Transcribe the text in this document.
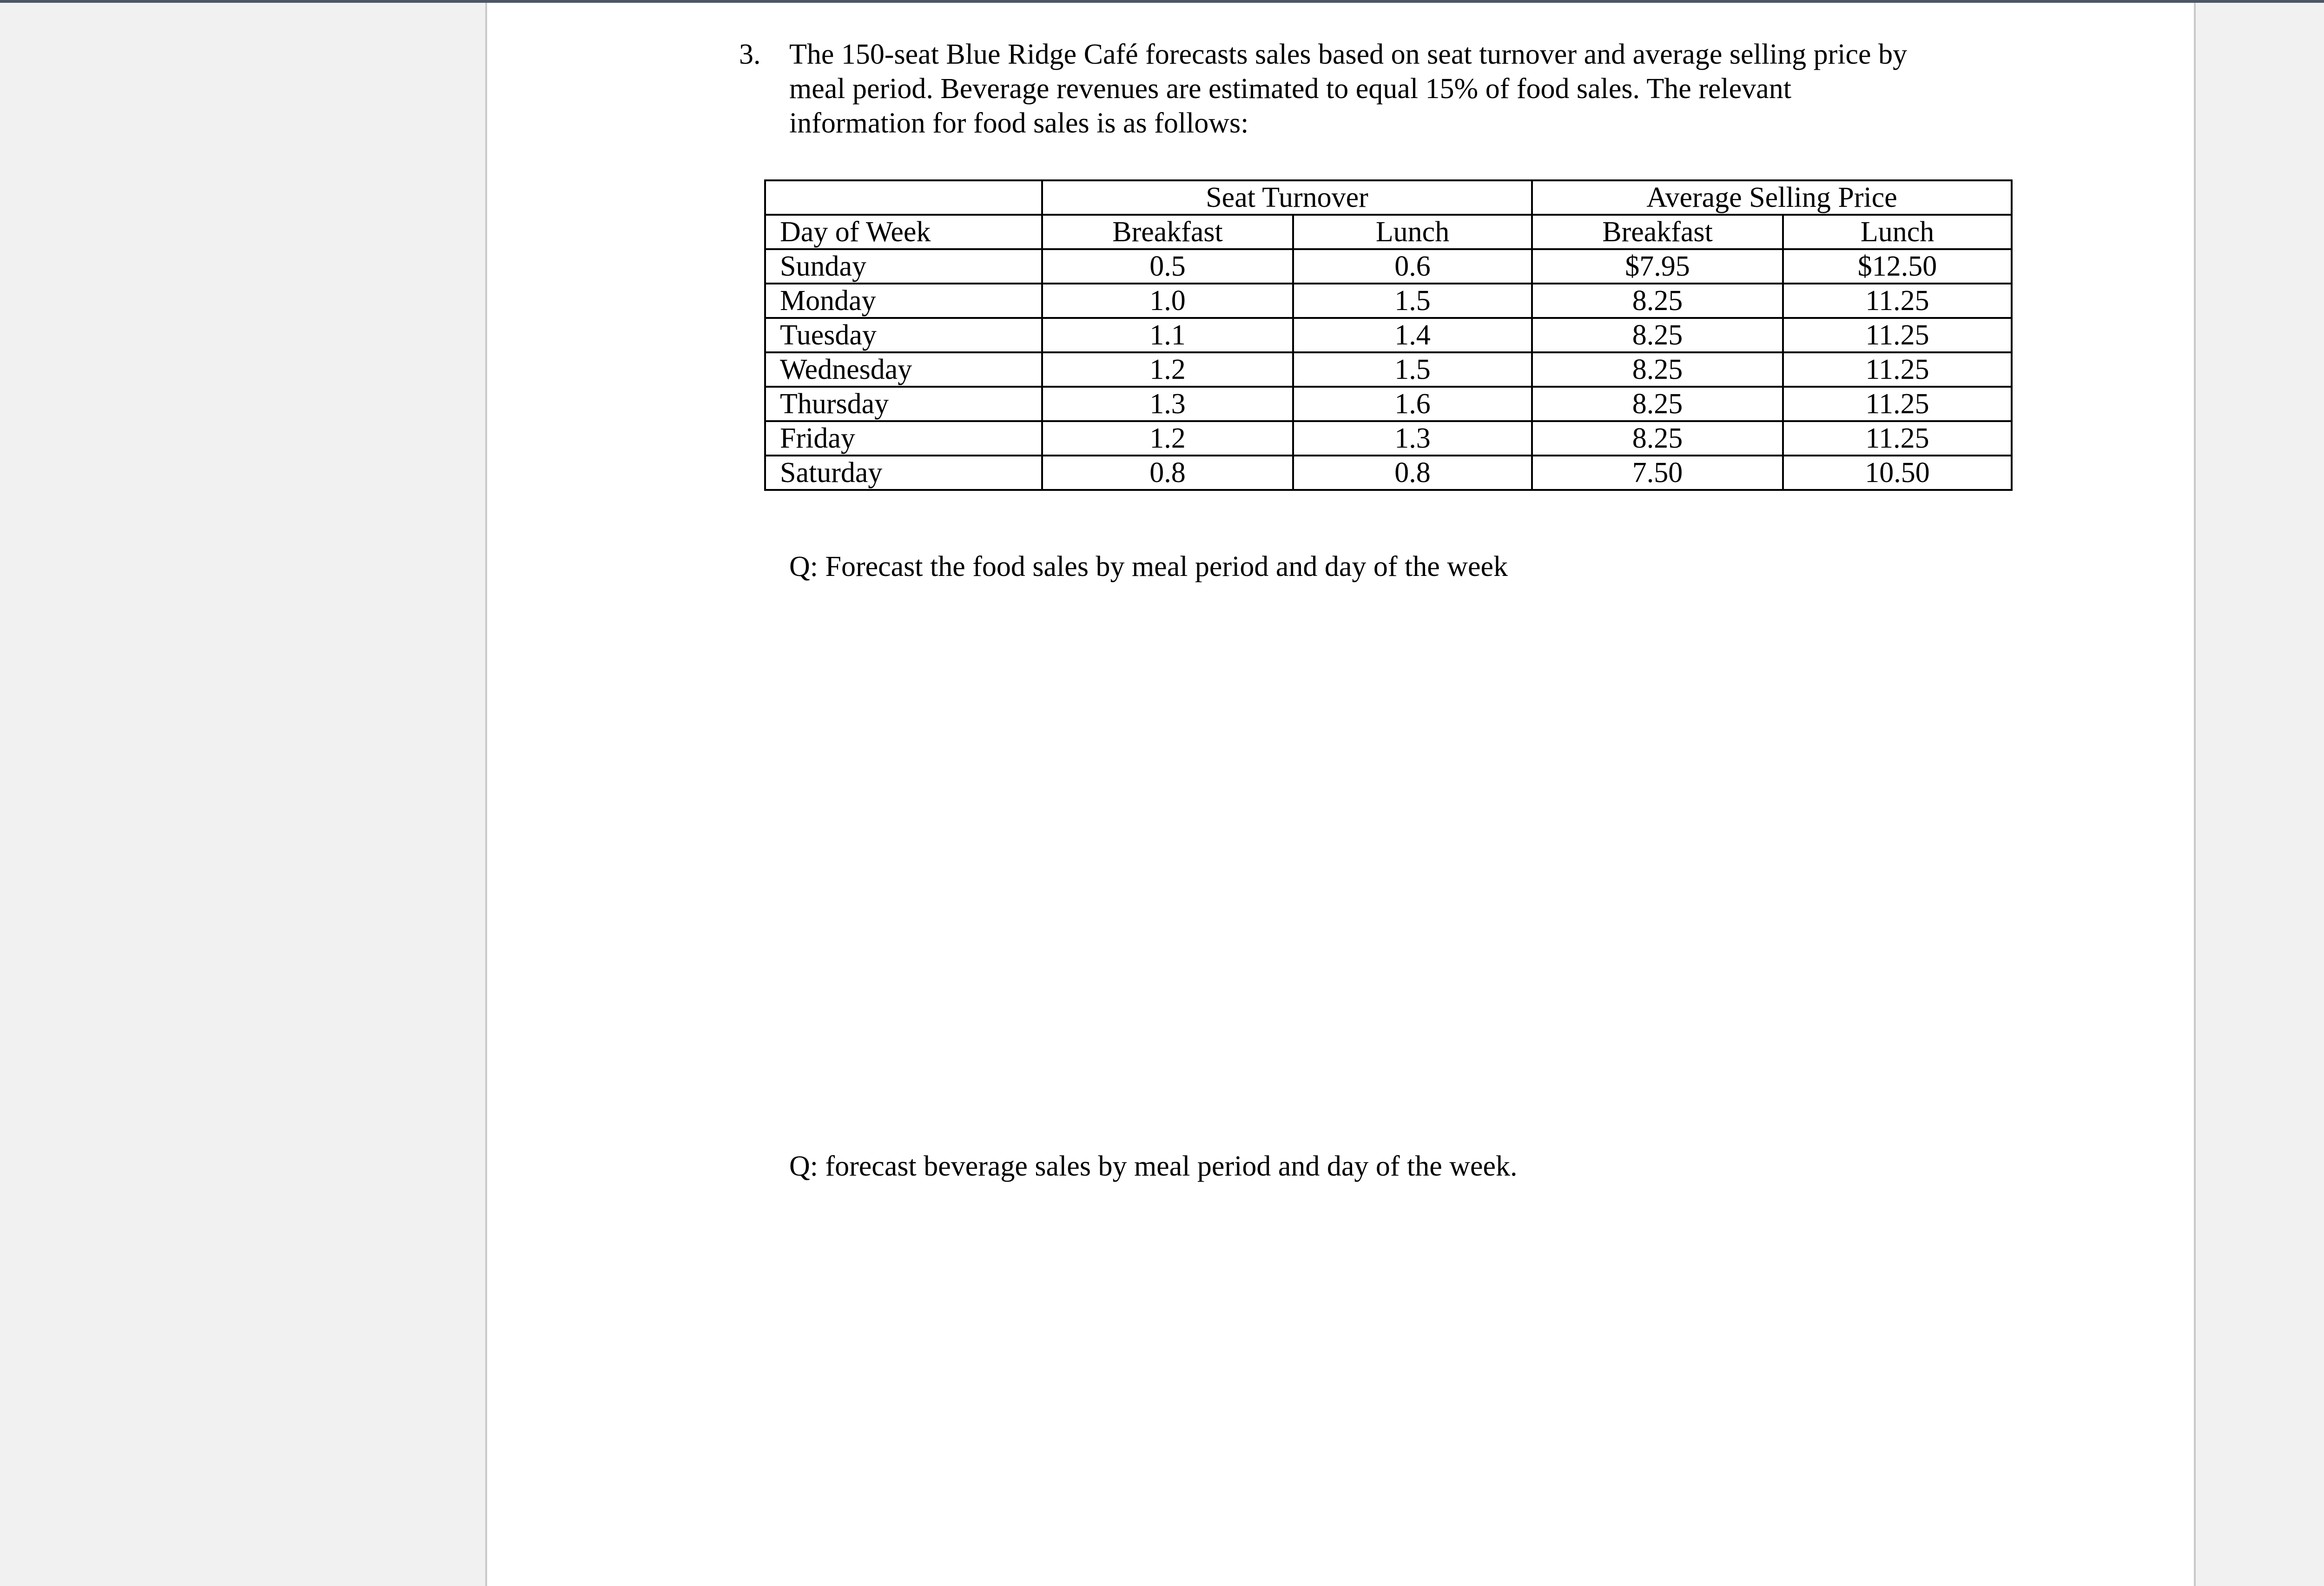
3. The 150-seat Blue Ridge Café forecasts sales based on seat turnover and average selling price by
meal period. Beverage revenues are estimated to equal 15% of food sales. The relevant
information for food sales is as follows:
	Seat Turnover		Average Selling Price	
Day of Week	Breakfast	Lunch	Breakfast	Lunch
Sunday	0.5	0.6	$7.95	$12.50
Monday	1.0	1.5	8.25	11.25
Tuesday	1.1	1.4	8.25	11.25
Wednesday	1.2	1.5	8.25	11.25
Thursday	1.3	1.6	8.25	11.25
Friday	1.2	1.3	8.25	11.25
Saturday	0.8	0.8	7.50	10.50
Q: Forecast the food sales by meal period and day of the week
Q: forecast beverage sales by meal period and day of the week.
